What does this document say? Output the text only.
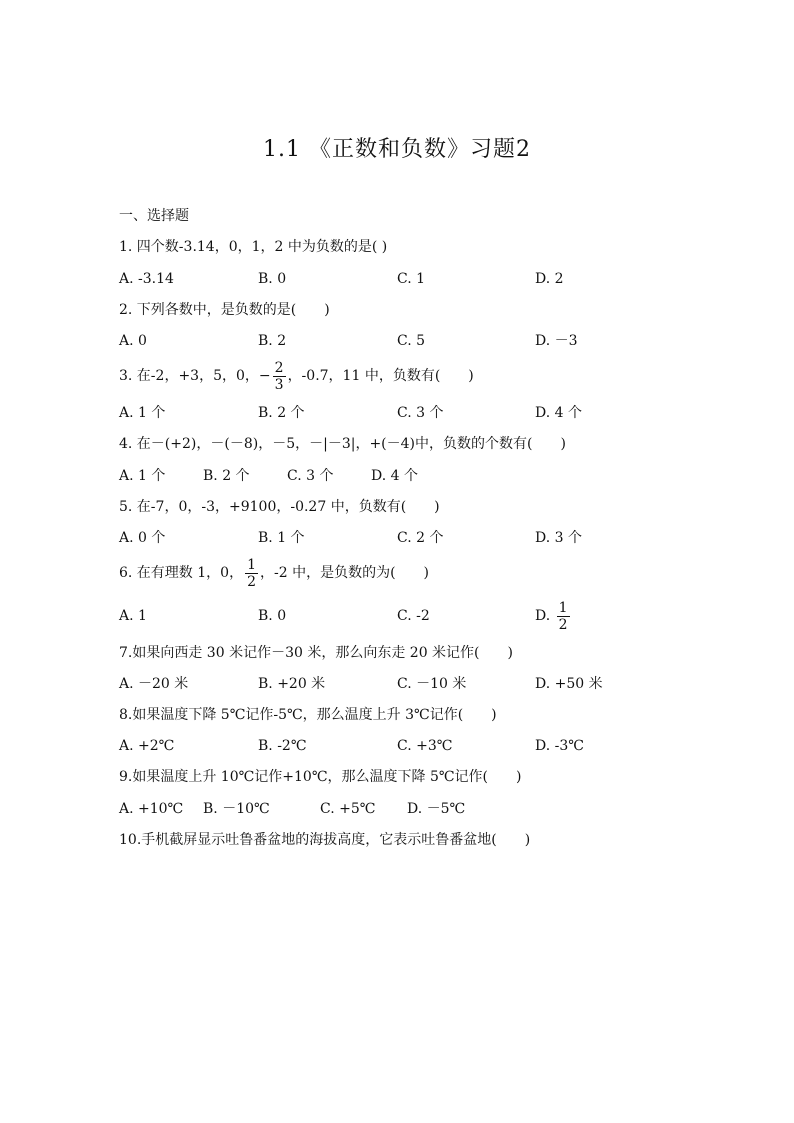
1.1 《正数和负数》习题2
一、选择题
1. 四个数-3.14，0，1，2 中为负数的是( )
A. -3.14	B. 0	C. 1	D. 2
2. 下列各数中，是负数的是(　　)
A. 0	B. 2	C. 5	D. －3
3. 在-2，+3，5，0，− $\frac{2}{3}$ ，-0.7，11 中，负数有(　　)
A. 1 个	B. 2 个	C. 3 个	D. 4 个
4. 在－(+2)，－(－8)，－5，－|－3|，+(－4)中，负数的个数有(　　)
A. 1 个	B. 2 个	C. 3 个	D. 4 个
5. 在-7，0，-3，+9100，-0.27 中，负数有(　　)
A. 0 个	B. 1 个	C. 2 个	D. 3 个
6. 在有理数 1，0， $\frac{1}{2}$ ，-2 中，是负数的为(　　)
A. 1	B. 0	C. -2	D. $\frac{1}{2}$
7.如果向西走 30 米记作－30 米，那么向东走 20 米记作(　　)
A. －20 米	B. +20 米	C. －10 米	D. +50 米
8.如果温度下降 5℃记作-5℃，那么温度上升 3℃记作(　　)
A. +2℃	B. -2℃	C. +3℃	D. -3℃
9.如果温度上升 10℃记作+10℃，那么温度下降 5℃记作(　　)
A. +10℃ B. －10℃	C. +5℃ D. －5℃
10.手机截屏显示吐鲁番盆地的海拔高度，它表示吐鲁番盆地(　　)
